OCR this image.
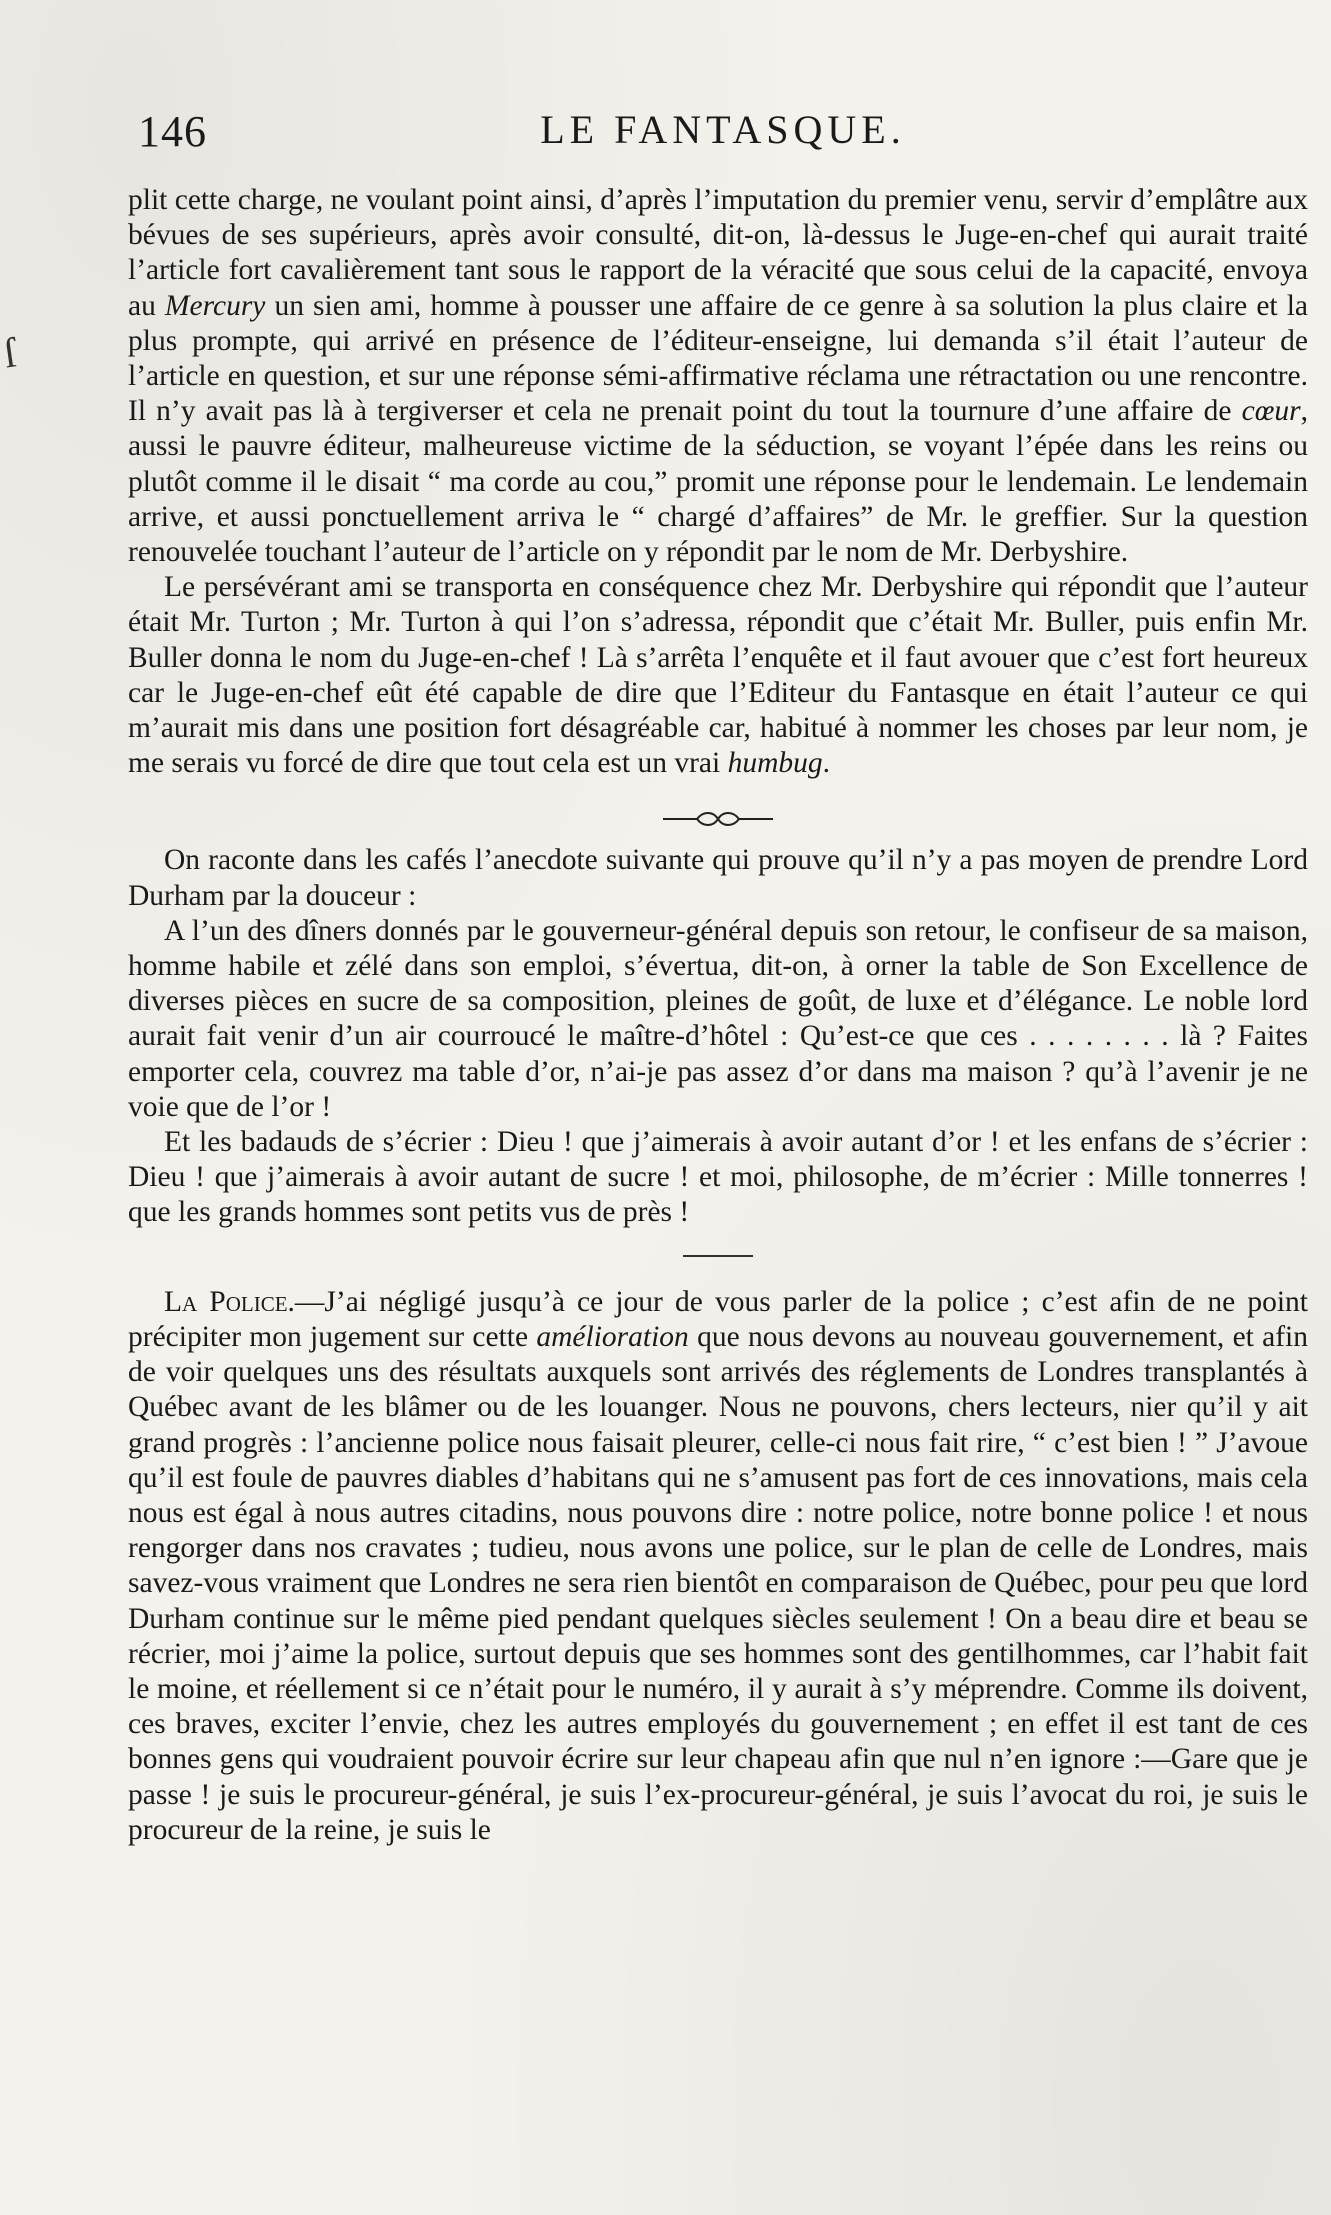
146	LE FANTASQUE.
ſ

plit cette charge, ne voulant point ainsi, d’après l’imputation du premier venu, servir d’emplâtre aux bévues de ses supérieurs, après avoir consulté, dit-on, là-dessus le Juge-en-chef qui aurait traité l’article fort cavalièrement tant sous le rapport de la véracité que sous celui de la capacité, envoya au Mercury un sien ami, homme à pousser une affaire de ce genre à sa solution la plus claire et la plus prompte, qui arrivé en présence de l’éditeur-enseigne, lui demanda s’il était l’auteur de l’article en question, et sur une réponse sémi-affirmative réclama une rétractation ou une rencontre. Il n’y avait pas là à tergiverser et cela ne prenait point du tout la tournure d’une affaire de cœur, aussi le pauvre éditeur, malheureuse victime de la séduction, se voyant l’épée dans les reins ou plutôt comme il le disait “ ma corde au cou,” promit une réponse pour le lendemain. Le lendemain arrive, et aussi ponctuellement arriva le “ chargé d’affaires” de Mr. le greffier. Sur la question renouvelée touchant l’auteur de l’article on y répondit par le nom de Mr. Derbyshire.

Le persévérant ami se transporta en conséquence chez Mr. Derbyshire qui répondit que l’auteur était Mr. Turton ; Mr. Turton à qui l’on s’adressa, répondit que c’était Mr. Buller, puis enfin Mr. Buller donna le nom du Juge-en-chef ! Là s’arrêta l’enquête et il faut avouer que c’est fort heureux car le Juge-en-chef eût été capable de dire que l’Editeur du Fantasque en était l’auteur ce qui m’aurait mis dans une position fort désagréable car, habitué à nommer les choses par leur nom, je me serais vu forcé de dire que tout cela est un vrai humbug.

On raconte dans les cafés l’anecdote suivante qui prouve qu’il n’y a pas moyen de prendre Lord Durham par la douceur :

A l’un des dîners donnés par le gouverneur-général depuis son retour, le confiseur de sa maison, homme habile et zélé dans son emploi, s’évertua, dit-on, à orner la table de Son Excellence de diverses pièces en sucre de sa composition, pleines de goût, de luxe et d’élégance. Le noble lord aurait fait venir d’un air courroucé le maître-d’hôtel : Qu’est-ce que ces . . . . . . . . là ? Faites emporter cela, couvrez ma table d’or, n’ai-je pas assez d’or dans ma maison ? qu’à l’avenir je ne voie que de l’or !

Et les badauds de s’écrier : Dieu ! que j’aimerais à avoir autant d’or ! et les enfans de s’écrier : Dieu ! que j’aimerais à avoir autant de sucre ! et moi, philosophe, de m’écrier : Mille tonnerres ! que les grands hommes sont petits vus de près !

La Police.—J’ai négligé jusqu’à ce jour de vous parler de la police ; c’est afin de ne point précipiter mon jugement sur cette amélioration que nous devons au nouveau gouvernement, et afin de voir quelques uns des résultats auxquels sont arrivés des réglements de Londres transplantés à Québec avant de les blâmer ou de les louanger. Nous ne pouvons, chers lecteurs, nier qu’il y ait grand progrès : l’ancienne police nous faisait pleurer, celle-ci nous fait rire, “ c’est bien ! ” J’avoue qu’il est foule de pauvres diables d’habitans qui ne s’amusent pas fort de ces innovations, mais cela nous est égal à nous autres citadins, nous pouvons dire : notre police, notre bonne police ! et nous rengorger dans nos cravates ; tudieu, nous avons une police, sur le plan de celle de Londres, mais savez-vous vraiment que Londres ne sera rien bientôt en comparaison de Québec, pour peu que lord Durham continue sur le même pied pendant quelques siècles seulement ! On a beau dire et beau se récrier, moi j’aime la police, surtout depuis que ses hommes sont des gentilhommes, car l’habit fait le moine, et réellement si ce n’était pour le numéro, il y aurait à s’y méprendre. Comme ils doivent, ces braves, exciter l’envie, chez les autres employés du gouvernement ; en effet il est tant de ces bonnes gens qui voudraient pouvoir écrire sur leur chapeau afin que nul n’en ignore :—Gare que je passe ! je suis le procureur-général, je suis l’ex-procureur-général, je suis l’avocat du roi, je suis le procureur de la reine, je suis le
